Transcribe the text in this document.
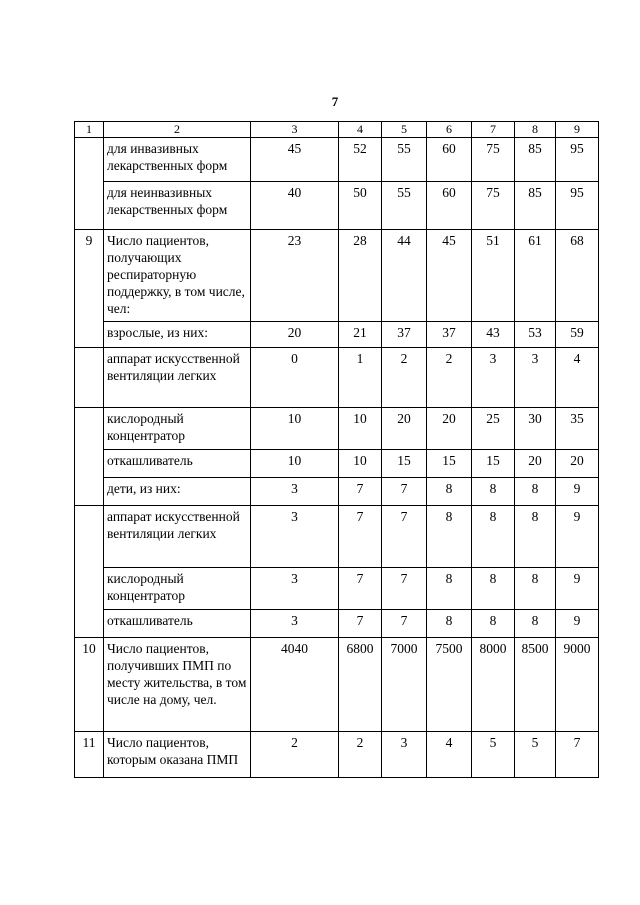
7
1	2	3	4	5	6	7	8	9
	для инвазивных лекарственных форм	45	52	55	60	75	85	95
	для неинвазивных лекарственных форм	40	50	55	60	75	85	95
9	Число пациентов, получающих респираторную поддержку, в том числе, чел:	23	28	44	45	51	61	68
	взрослые, из них:	20	21	37	37	43	53	59
	аппарат искусственной вентиляции легких	0	1	2	2	3	3	4
	кислородный концентратор	10	10	20	20	25	30	35
	откашливатель	10	10	15	15	15	20	20
	дети, из них:	3	7	7	8	8	8	9
	аппарат искусственной вентиляции легких	3	7	7	8	8	8	9
	кислородный концентратор	3	7	7	8	8	8	9
	откашливатель	3	7	7	8	8	8	9
10	Число пациентов, получивших ПМП по месту жительства, в том числе на дому, чел.	4040	6800	7000	7500	8000	8500	9000
11	Число пациентов, которым оказана ПМП	2	2	3	4	5	5	7
